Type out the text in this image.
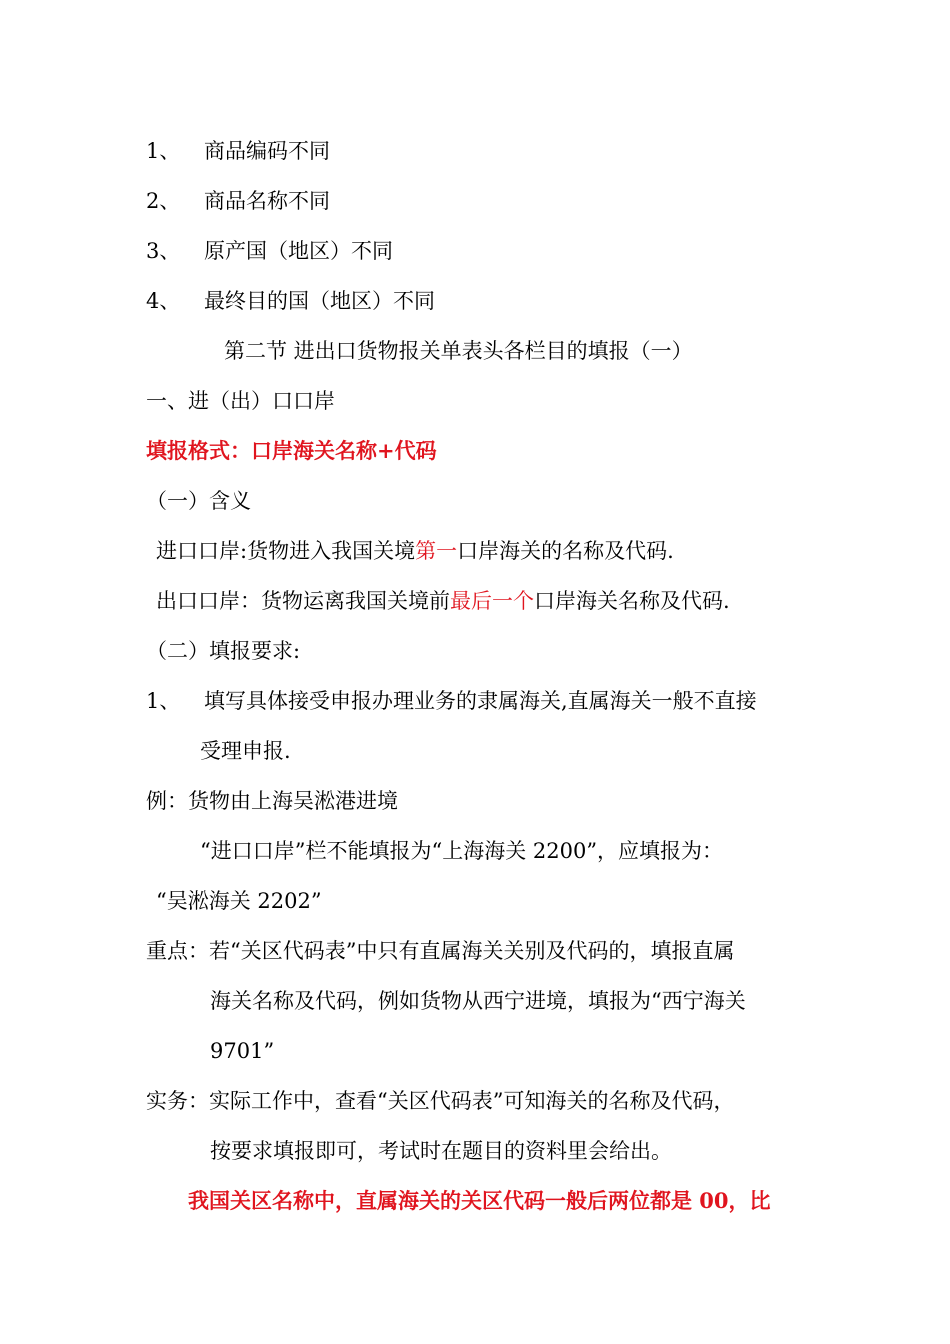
1、 商品编码不同
2、 商品名称不同
3、 原产国（地区）不同
4、 最终目的国（地区）不同
第二节 进出口货物报关单表头各栏目的填报（一）
一、进（出）口口岸
填报格式：口岸海关名称+代码
（一）含义
进口口岸:货物进入我国关境第一口岸海关的名称及代码.
出口口岸：货物运离我国关境前最后一个口岸海关名称及代码.
（二）填报要求:
1、 填写具体接受申报办理业务的隶属海关,直属海关一般不直接
受理申报.
例：货物由上海吴淞港进境
“进口口岸”栏不能填报为“上海海关 2200”，应填报为：
“吴淞海关 2202”
重点：若“关区代码表”中只有直属海关关别及代码的，填报直属
海关名称及代码，例如货物从西宁进境，填报为“西宁海关
9701”
实务：实际工作中，查看“关区代码表”可知海关的名称及代码，
按要求填报即可，考试时在题目的资料里会给出。
我国关区名称中，直属海关的关区代码一般后两位都是 00，比
